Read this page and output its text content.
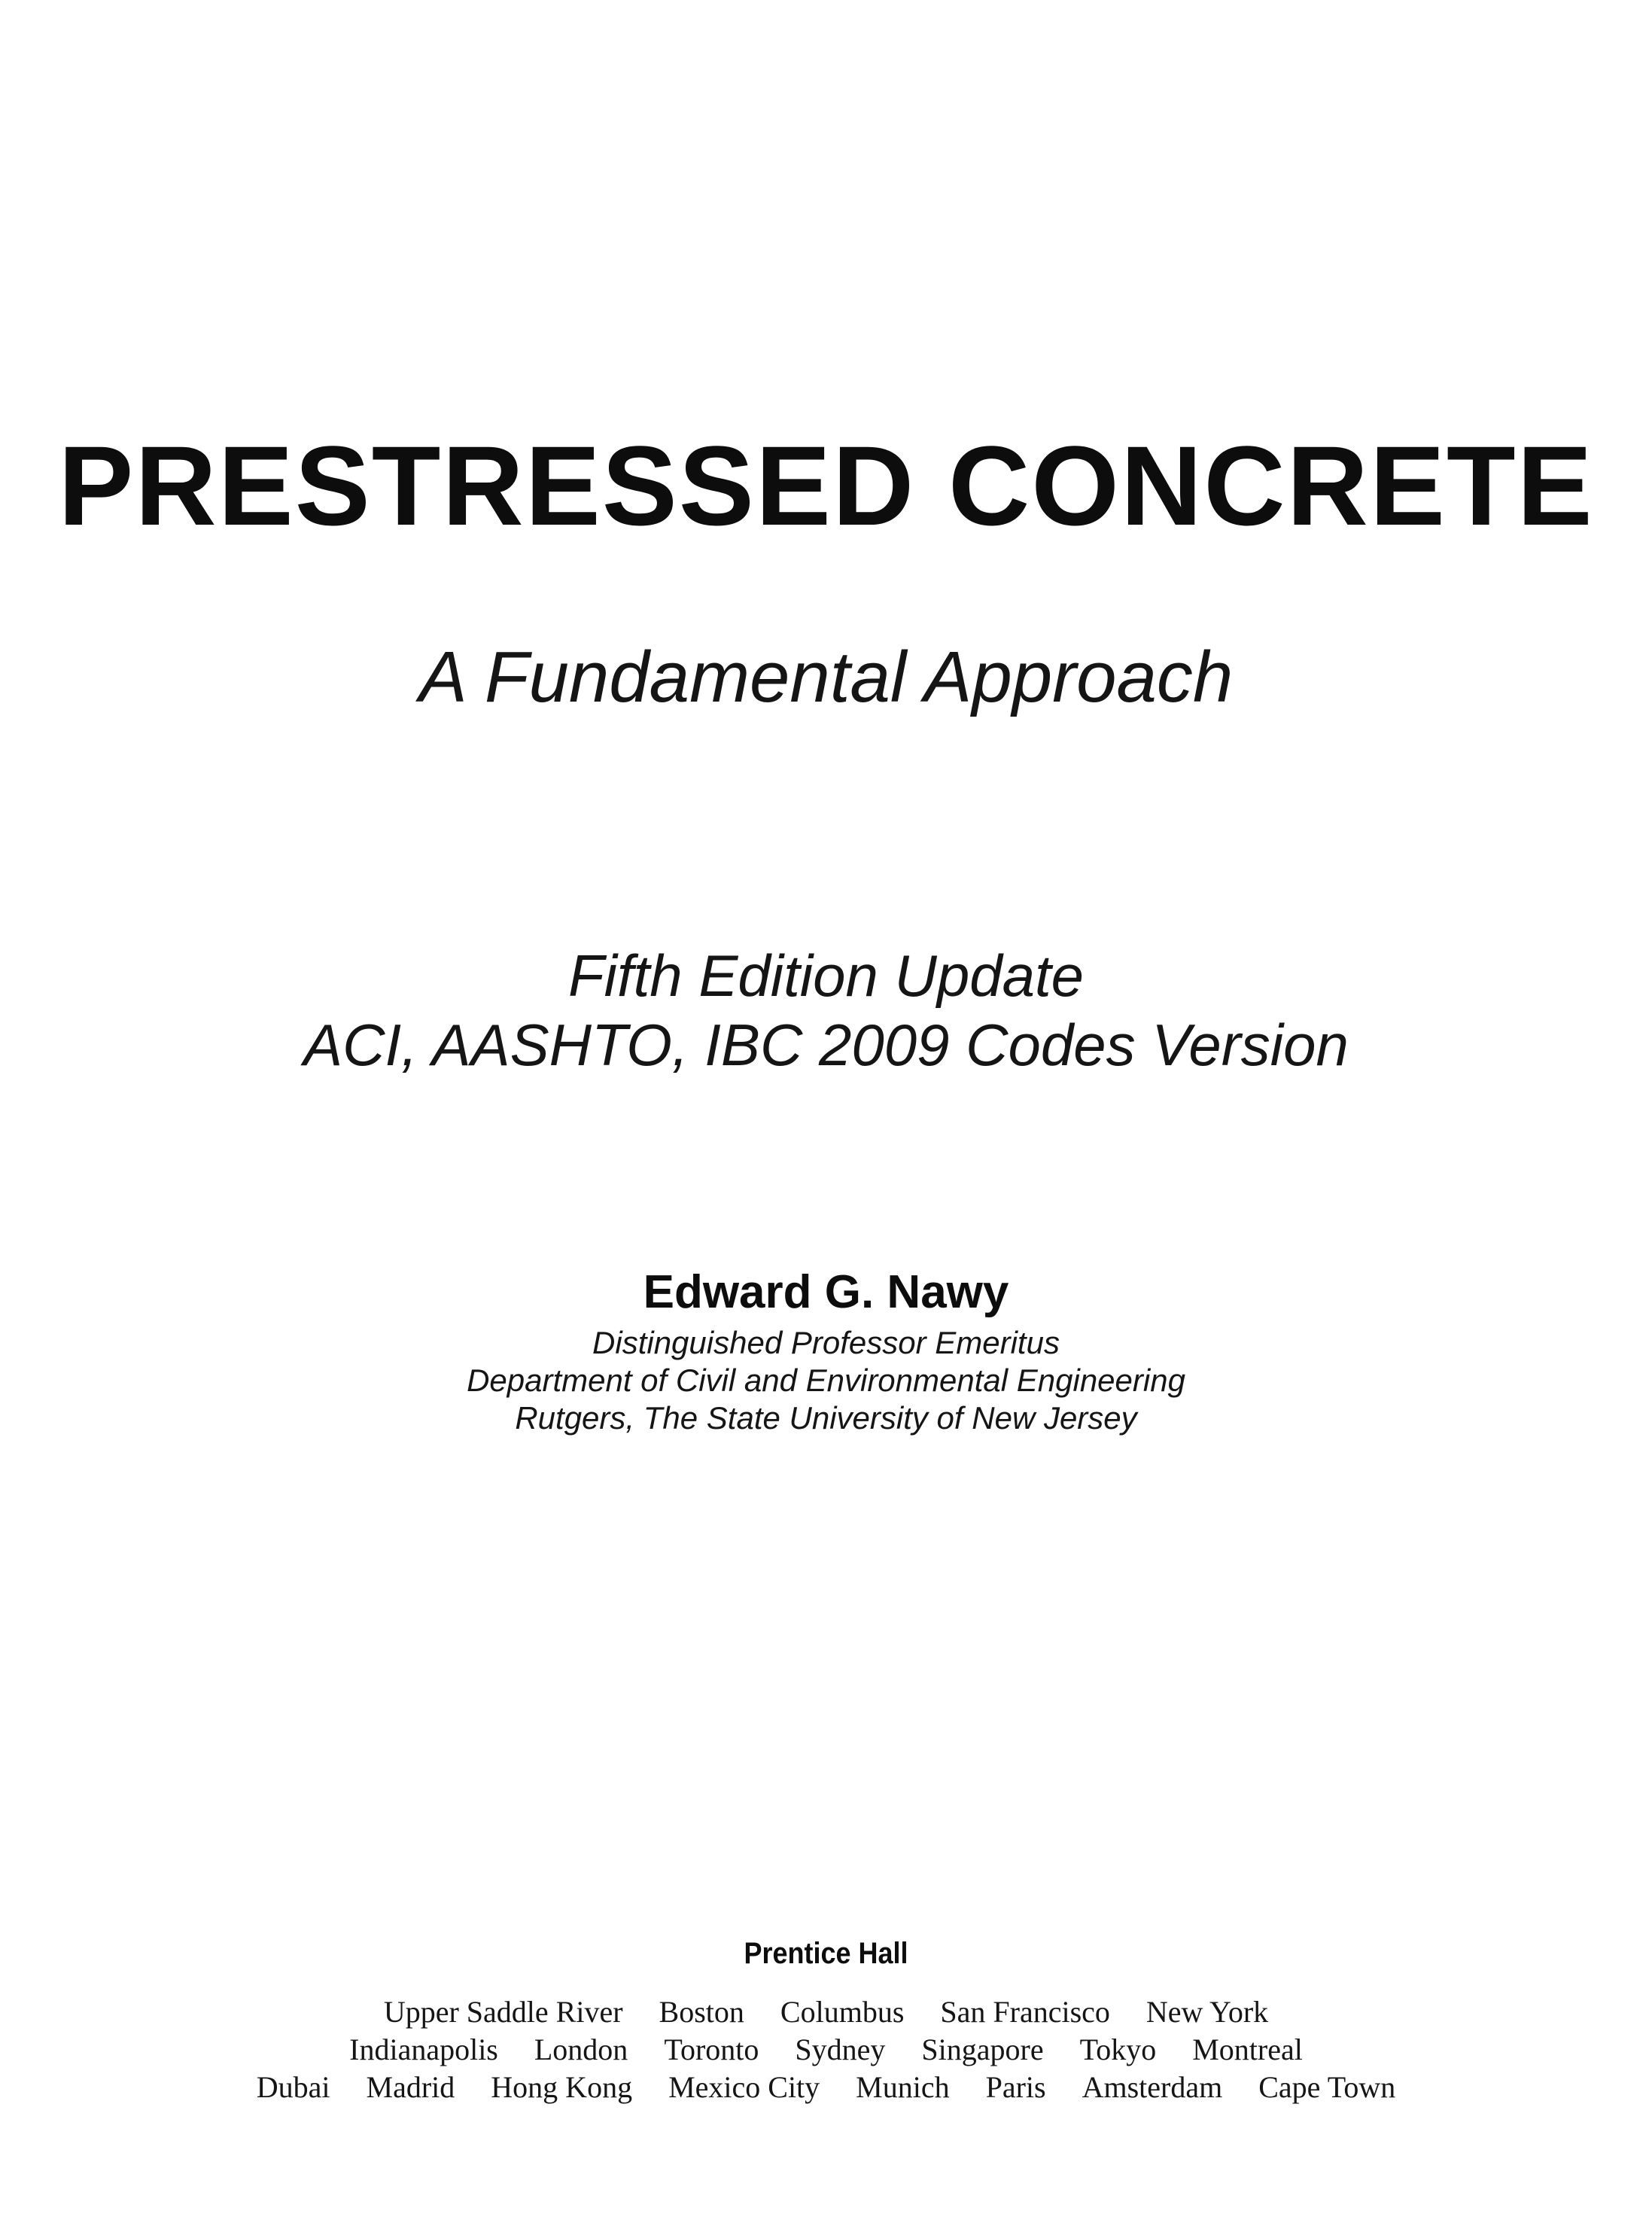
PRESTRESSED CONCRETE
A Fundamental Approach
Fifth Edition Update
ACI, AASHTO, IBC 2009 Codes Version
Edward G. Nawy
Distinguished Professor Emeritus
Department of Civil and Environmental Engineering
Rutgers, The State University of New Jersey
Prentice Hall
Upper Saddle River Boston Columbus San Francisco New York
Indianapolis London Toronto Sydney Singapore Tokyo Montreal
Dubai Madrid Hong Kong Mexico City Munich Paris Amsterdam Cape Town
